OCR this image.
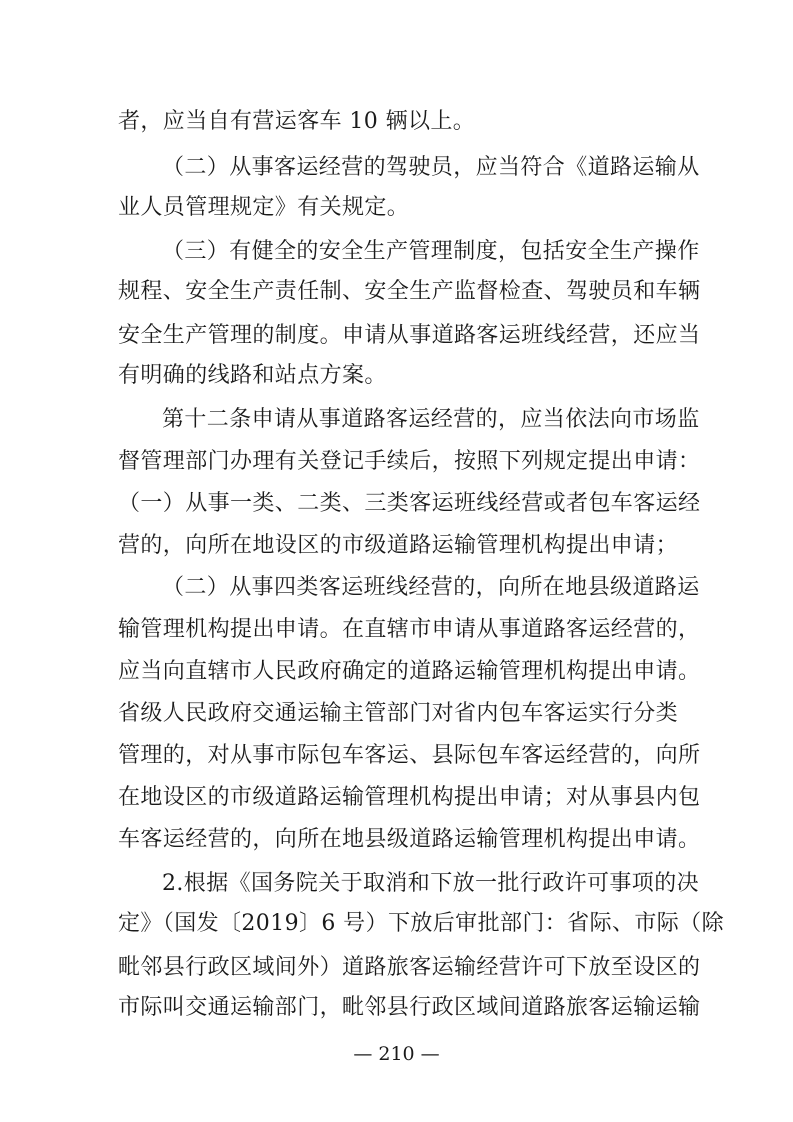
者，应当自有营运客车 10 辆以上。
（二）从事客运经营的驾驶员，应当符合《道路运输从
业人员管理规定》有关规定。
（三）有健全的安全生产管理制度，包括安全生产操作
规程、安全生产责任制、安全生产监督检查、驾驶员和车辆
安全生产管理的制度。申请从事道路客运班线经营，还应当
有明确的线路和站点方案。
第十二条申请从事道路客运经营的，应当依法向市场监
督管理部门办理有关登记手续后，按照下列规定提出申请：
（一）从事一类、二类、三类客运班线经营或者包车客运经
营的，向所在地设区的市级道路运输管理机构提出申请；
（二）从事四类客运班线经营的，向所在地县级道路运
输管理机构提出申请。在直辖市申请从事道路客运经营的，
应当向直辖市人民政府确定的道路运输管理机构提出申请。
省级人民政府交通运输主管部门对省内包车客运实行分类
管理的，对从事市际包车客运、县际包车客运经营的，向所
在地设区的市级道路运输管理机构提出申请；对从事县内包
车客运经营的，向所在地县级道路运输管理机构提出申请。
2.根据《国务院关于取消和下放一批行政许可事项的决
定》（国发〔2019〕6 号）下放后审批部门：省际、市际（除
毗邻县行政区域间外）道路旅客运输经营许可下放至设区的
市际叫交通运输部门，毗邻县行政区域间道路旅客运输运输
— 210 —
